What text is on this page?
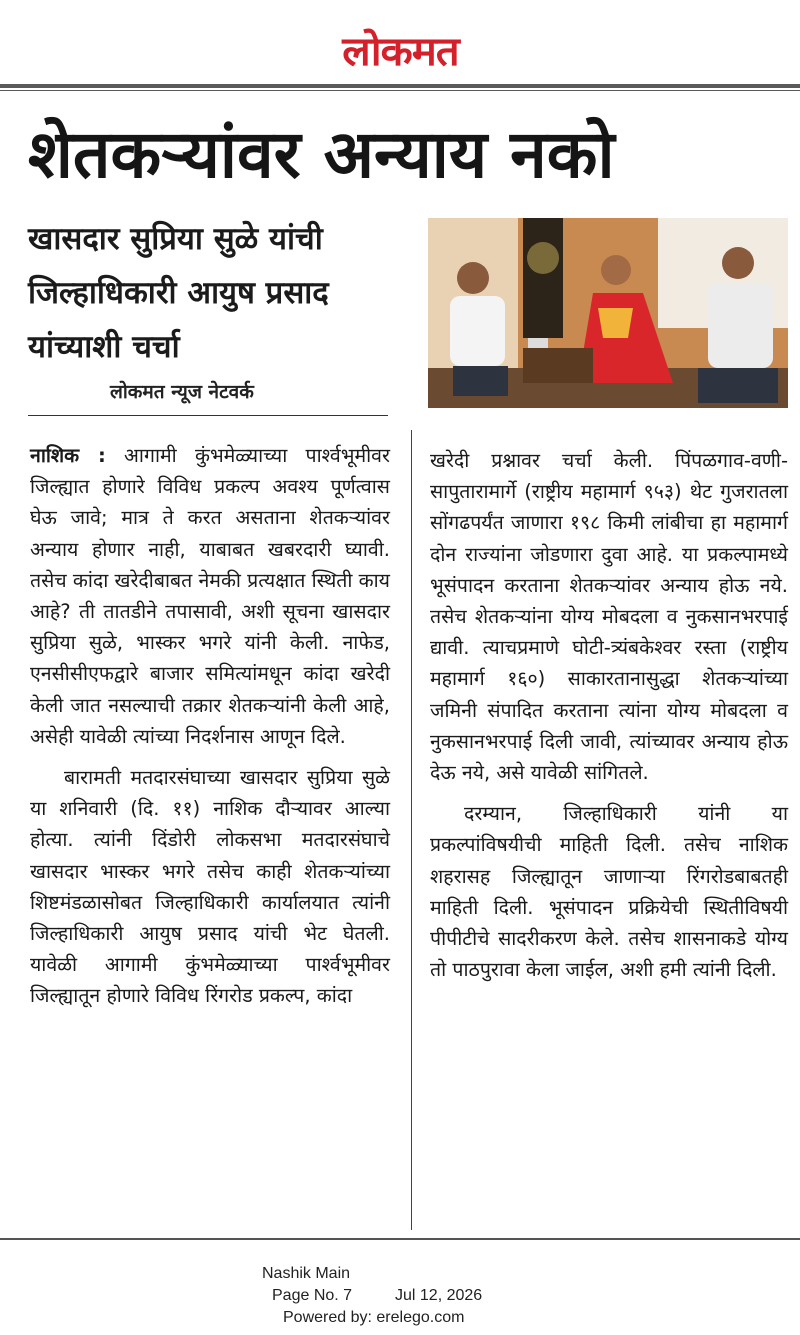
लोकमत
शेतकऱ्यांवर अन्याय नको
खासदार सुप्रिया सुळे यांची जिल्हाधिकारी आयुष प्रसाद यांच्याशी चर्चा
लोकमत न्यूज नेटवर्क

नाशिक : आगामी कुंभमेळ्याच्या पार्श्वभूमीवर जिल्ह्यात होणारे विविध प्रकल्प अवश्य पूर्णत्वास घेऊ जावे; मात्र ते करत असताना शेतकऱ्यांवर अन्याय होणार नाही, याबाबत खबरदारी घ्यावी. तसेच कांदा खरेदीबाबत नेमकी प्रत्यक्षात स्थिती काय आहे? ती तातडीने तपासावी, अशी सूचना खासदार सुप्रिया सुळे, भास्कर भगरे यांनी केली. नाफेड, एनसीसीएफद्वारे बाजार समित्यांमधून कांदा खरेदी केली जात नसल्याची तक्रार शेतकऱ्यांनी केली आहे, असेही यावेळी त्यांच्या निदर्शनास आणून दिले.

बारामती मतदारसंघाच्या खासदार सुप्रिया सुळे या शनिवारी (दि. ११) नाशिक दौऱ्यावर आल्या होत्या. त्यांनी दिंडोरी लोकसभा मतदारसंघाचे खासदार भास्कर भगरे तसेच काही शेतकऱ्यांच्या शिष्टमंडळासोबत जिल्हाधिकारी कार्यालयात त्यांनी जिल्हाधिकारी आयुष प्रसाद यांची भेट घेतली. यावेळी आगामी कुंभमेळ्याच्या पार्श्वभूमीवर जिल्ह्यातून होणारे विविध रिंगरोड प्रकल्प, कांदा

खरेदी प्रश्नावर चर्चा केली. पिंपळगाव-वणी-सापुतारामार्गे (राष्ट्रीय महामार्ग ९५३) थेट गुजरातला सोंगढपर्यंत जाणारा १९८ किमी लांबीचा हा महामार्ग दोन राज्यांना जोडणारा दुवा आहे. या प्रकल्पामध्ये भूसंपादन करताना शेतकऱ्यांवर अन्याय होऊ नये. तसेच शेतकऱ्यांना योग्य मोबदला व नुकसानभरपाई द्यावी. त्याचप्रमाणे घोटी-त्र्यंबकेश्वर रस्ता (राष्ट्रीय महामार्ग १६०) साकारतानासुद्धा शेतकऱ्यांच्या जमिनी संपादित करताना त्यांना योग्य मोबदला व नुकसानभरपाई दिली जावी, त्यांच्यावर अन्याय होऊ देऊ नये, असे यावेळी सांगितले.

दरम्यान, जिल्हाधिकारी यांनी या प्रकल्पांविषयीची माहिती दिली. तसेच नाशिक शहरासह जिल्ह्यातून जाणाऱ्या रिंगरोडबाबतही माहिती दिली. भूसंपादन प्रक्रियेची स्थितीविषयी पीपीटीचे सादरीकरण केले. तसेच शासनाकडे योग्य तो पाठपुरावा केला जाईल, अशी हमी त्यांनी दिली.

Nashik Main
Page No. 7	Jul 12, 2026
Powered by: erelego.com
